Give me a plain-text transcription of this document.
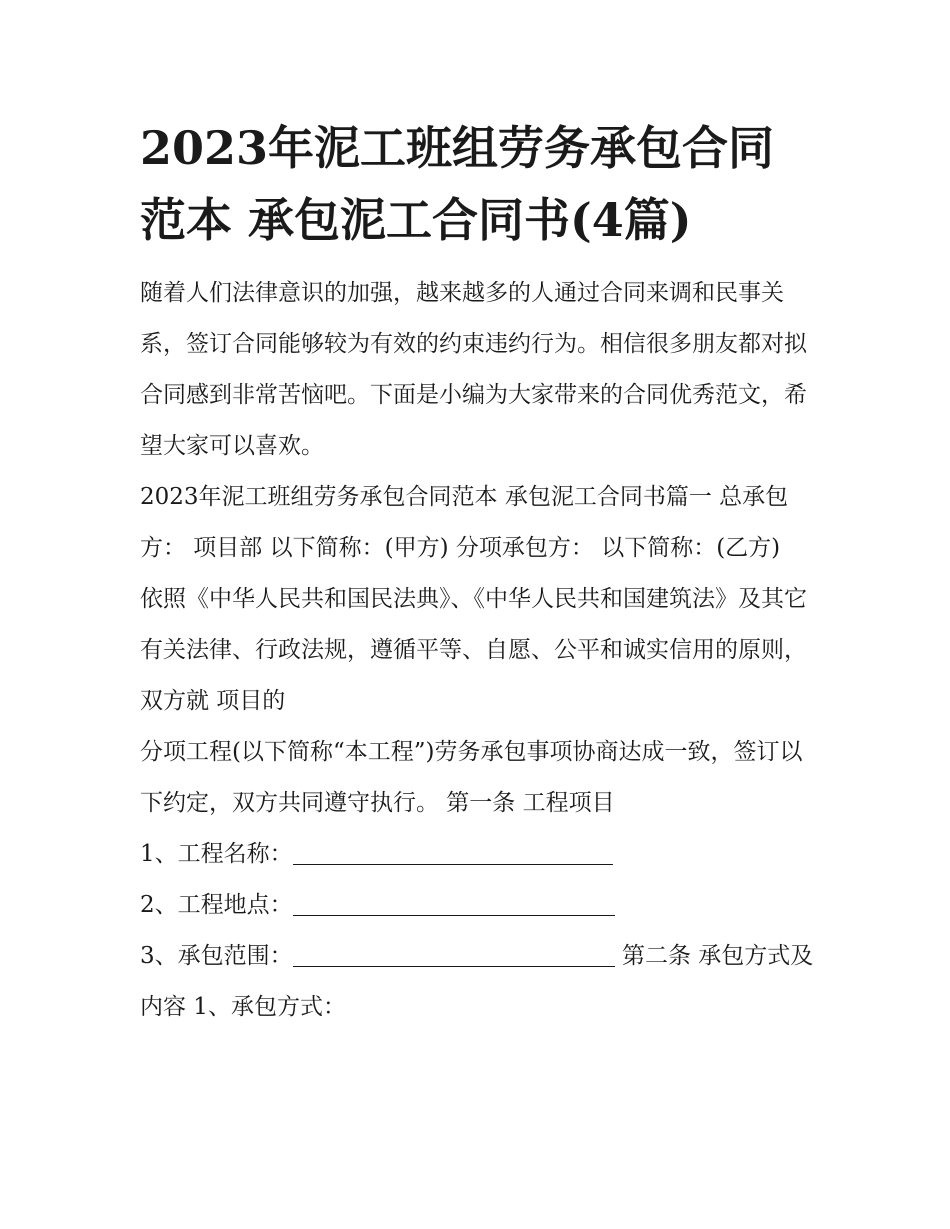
2023年泥工班组劳务承包合同范本 承包泥工合同书(4篇)

随着人们法律意识的加强，越来越多的人通过合同来调和民事关系，签订合同能够较为有效的约束违约行为。相信很多朋友都对拟合同感到非常苦恼吧。下面是小编为大家带来的合同优秀范文，希望大家可以喜欢。

2023年泥工班组劳务承包合同范本 承包泥工合同书篇一 总承包方： 项目部 以下简称：(甲方) 分项承包方： 以下简称：(乙方)

依照《中华人民共和国民法典》、《中华人民共和国建筑法》及其它有关法律、行政法规，遵循平等、自愿、公平和诚实信用的原则，双方就 项目的

分项工程(以下简称“本工程”)劳务承包事项协商达成一致，签订以下约定，双方共同遵守执行。 第一条 工程项目

1、工程名称：

2、工程地点：

3、承包范围：	第二条 承包方式及内容 1、承包方式：
